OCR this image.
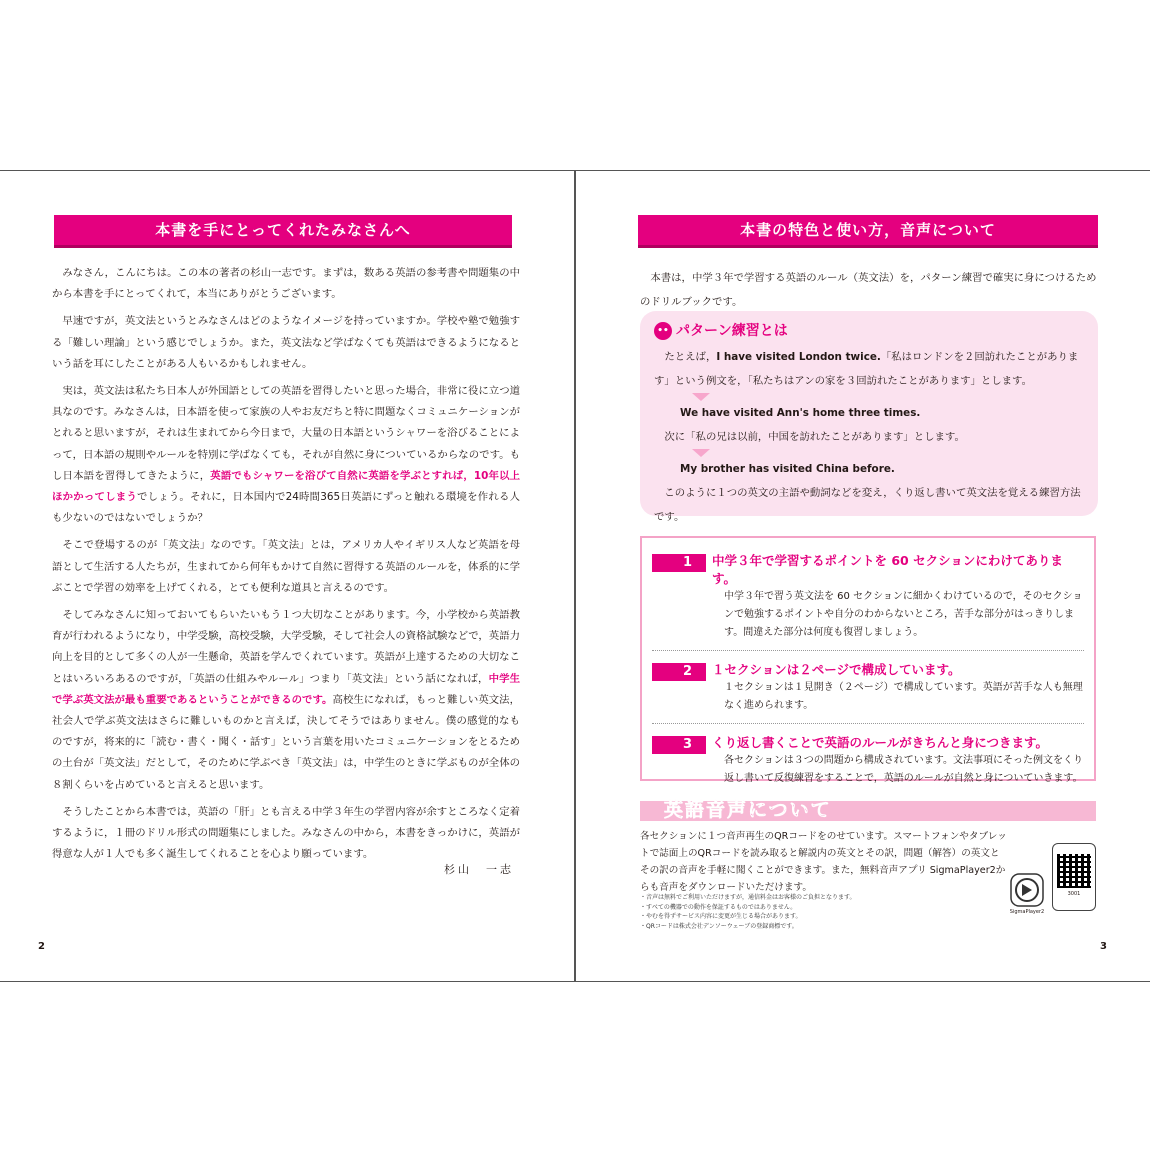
本書を手にとってくれたみなさんへ

みなさん，こんにちは。この本の著者の杉山一志です。まずは，数ある英語の参考書や問題集の中から本書を手にとってくれて，本当にありがとうございます。

早速ですが，英文法というとみなさんはどのようなイメージを持っていますか。学校や塾で勉強する「難しい理論」という感じでしょうか。また，英文法など学ばなくても英語はできるようになるという話を耳にしたことがある人もいるかもしれません。

実は，英文法は私たち日本人が外国語としての英語を習得したいと思った場合，非常に役に立つ道具なのです。みなさんは，日本語を使って家族の人やお友だちと特に問題なくコミュニケーションがとれると思いますが，それは生まれてから今日まで，大量の日本語というシャワーを浴びることによって，日本語の規則やルールを特別に学ばなくても，それが自然に身についているからなのです。もし日本語を習得してきたように，英語でもシャワーを浴びて自然に英語を学ぶとすれば，10年以上ほかかってしまうでしょう。それに，日本国内で24時間365日英語にずっと触れる環境を作れる人も少ないのではないでしょうか？

そこで登場するのが「英文法」なのです。「英文法」とは，アメリカ人やイギリス人など英語を母語として生活する人たちが，生まれてから何年もかけて自然に習得する英語のルールを，体系的に学ぶことで学習の効率を上げてくれる，とても便利な道具と言えるのです。

そしてみなさんに知っておいてもらいたいもう１つ大切なことがあります。今，小学校から英語教育が行われるようになり，中学受験，高校受験，大学受験，そして社会人の資格試験などで，英語力向上を目的として多くの人が一生懸命，英語を学んでくれています。英語が上達するための大切なことはいろいろあるのですが，「英語の仕組みやルール」つまり「英文法」という話になれば，中学生で学ぶ英文法が最も重要であるということができるのです。高校生になれば，もっと難しい英文法，社会人で学ぶ英文法はさらに難しいものかと言えば，決してそうではありません。僕の感覚的なものですが，将来的に「読む・書く・聞く・話す」という言葉を用いたコミュニケーションをとるための土台が「英文法」だとして，そのために学ぶべき「英文法」は，中学生のときに学ぶものが全体の８割くらいを占めていると言えると思います。

そうしたことから本書では，英語の「肝」とも言える中学３年生の学習内容が余すところなく定着するように，１冊のドリル形式の問題集にしました。みなさんの中から，本書をきっかけに，英語が得意な人が１人でも多く誕生してくれることを心より願っています。

杉山　一志
2
本書の特色と使い方，音声について

本書は，中学３年で学習する英語のルール（英文法）を，パターン練習で確実に身につけるためのドリルブックです。

•• パターン練習とは
たとえば，I have visited London twice.「私はロンドンを２回訪れたことがあります」という例文を，「私たちはアンの家を３回訪れたことがあります」とします。
We have visited Ann's home three times.
次に「私の兄は以前，中国を訪れたことがあります」とします。
My brother has visited China before.
このように１つの英文の主語や動詞などを変え，くり返し書いて英文法を覚える練習方法です。
1	中学３年で学習するポイントを 60 セクションにわけてあります。
中学３年で習う英文法を 60 セクションに細かくわけているので，そのセクションで勉強するポイントや自分のわからないところ，苦手な部分がはっきりします。間違えた部分は何度も復習しましょう。
2	１セクションは２ページで構成しています。
１セクションは１見開き（２ページ）で構成しています。英語が苦手な人も無理なく進められます。
3	くり返し書くことで英語のルールがきちんと身につきます。
各セクションは３つの問題から構成されています。文法事項にそった例文をくり返し書いて反復練習をすることで，英語のルールが自然と身についていきます。
英語音声について
各セクションに１つ音声再生のQRコードをのせています。スマートフォンやタブレットで誌面上のQRコードを読み取ると解説内の英文とその訳，問題（解答）の英文とその訳の音声を手軽に聞くことができます。また，無料音声アプリ SigmaPlayer2からも音声をダウンロードいただけます。
・音声は無料でご利用いただけますが，通信料金はお客様のご負担となります。
・すべての機器での動作を保証するものではありません。
・やむを得ずサービス内容に変更が生じる場合があります。
・QRコードは株式会社デンソーウェーブの登録商標です。
SigmaPlayer2
3001
3
